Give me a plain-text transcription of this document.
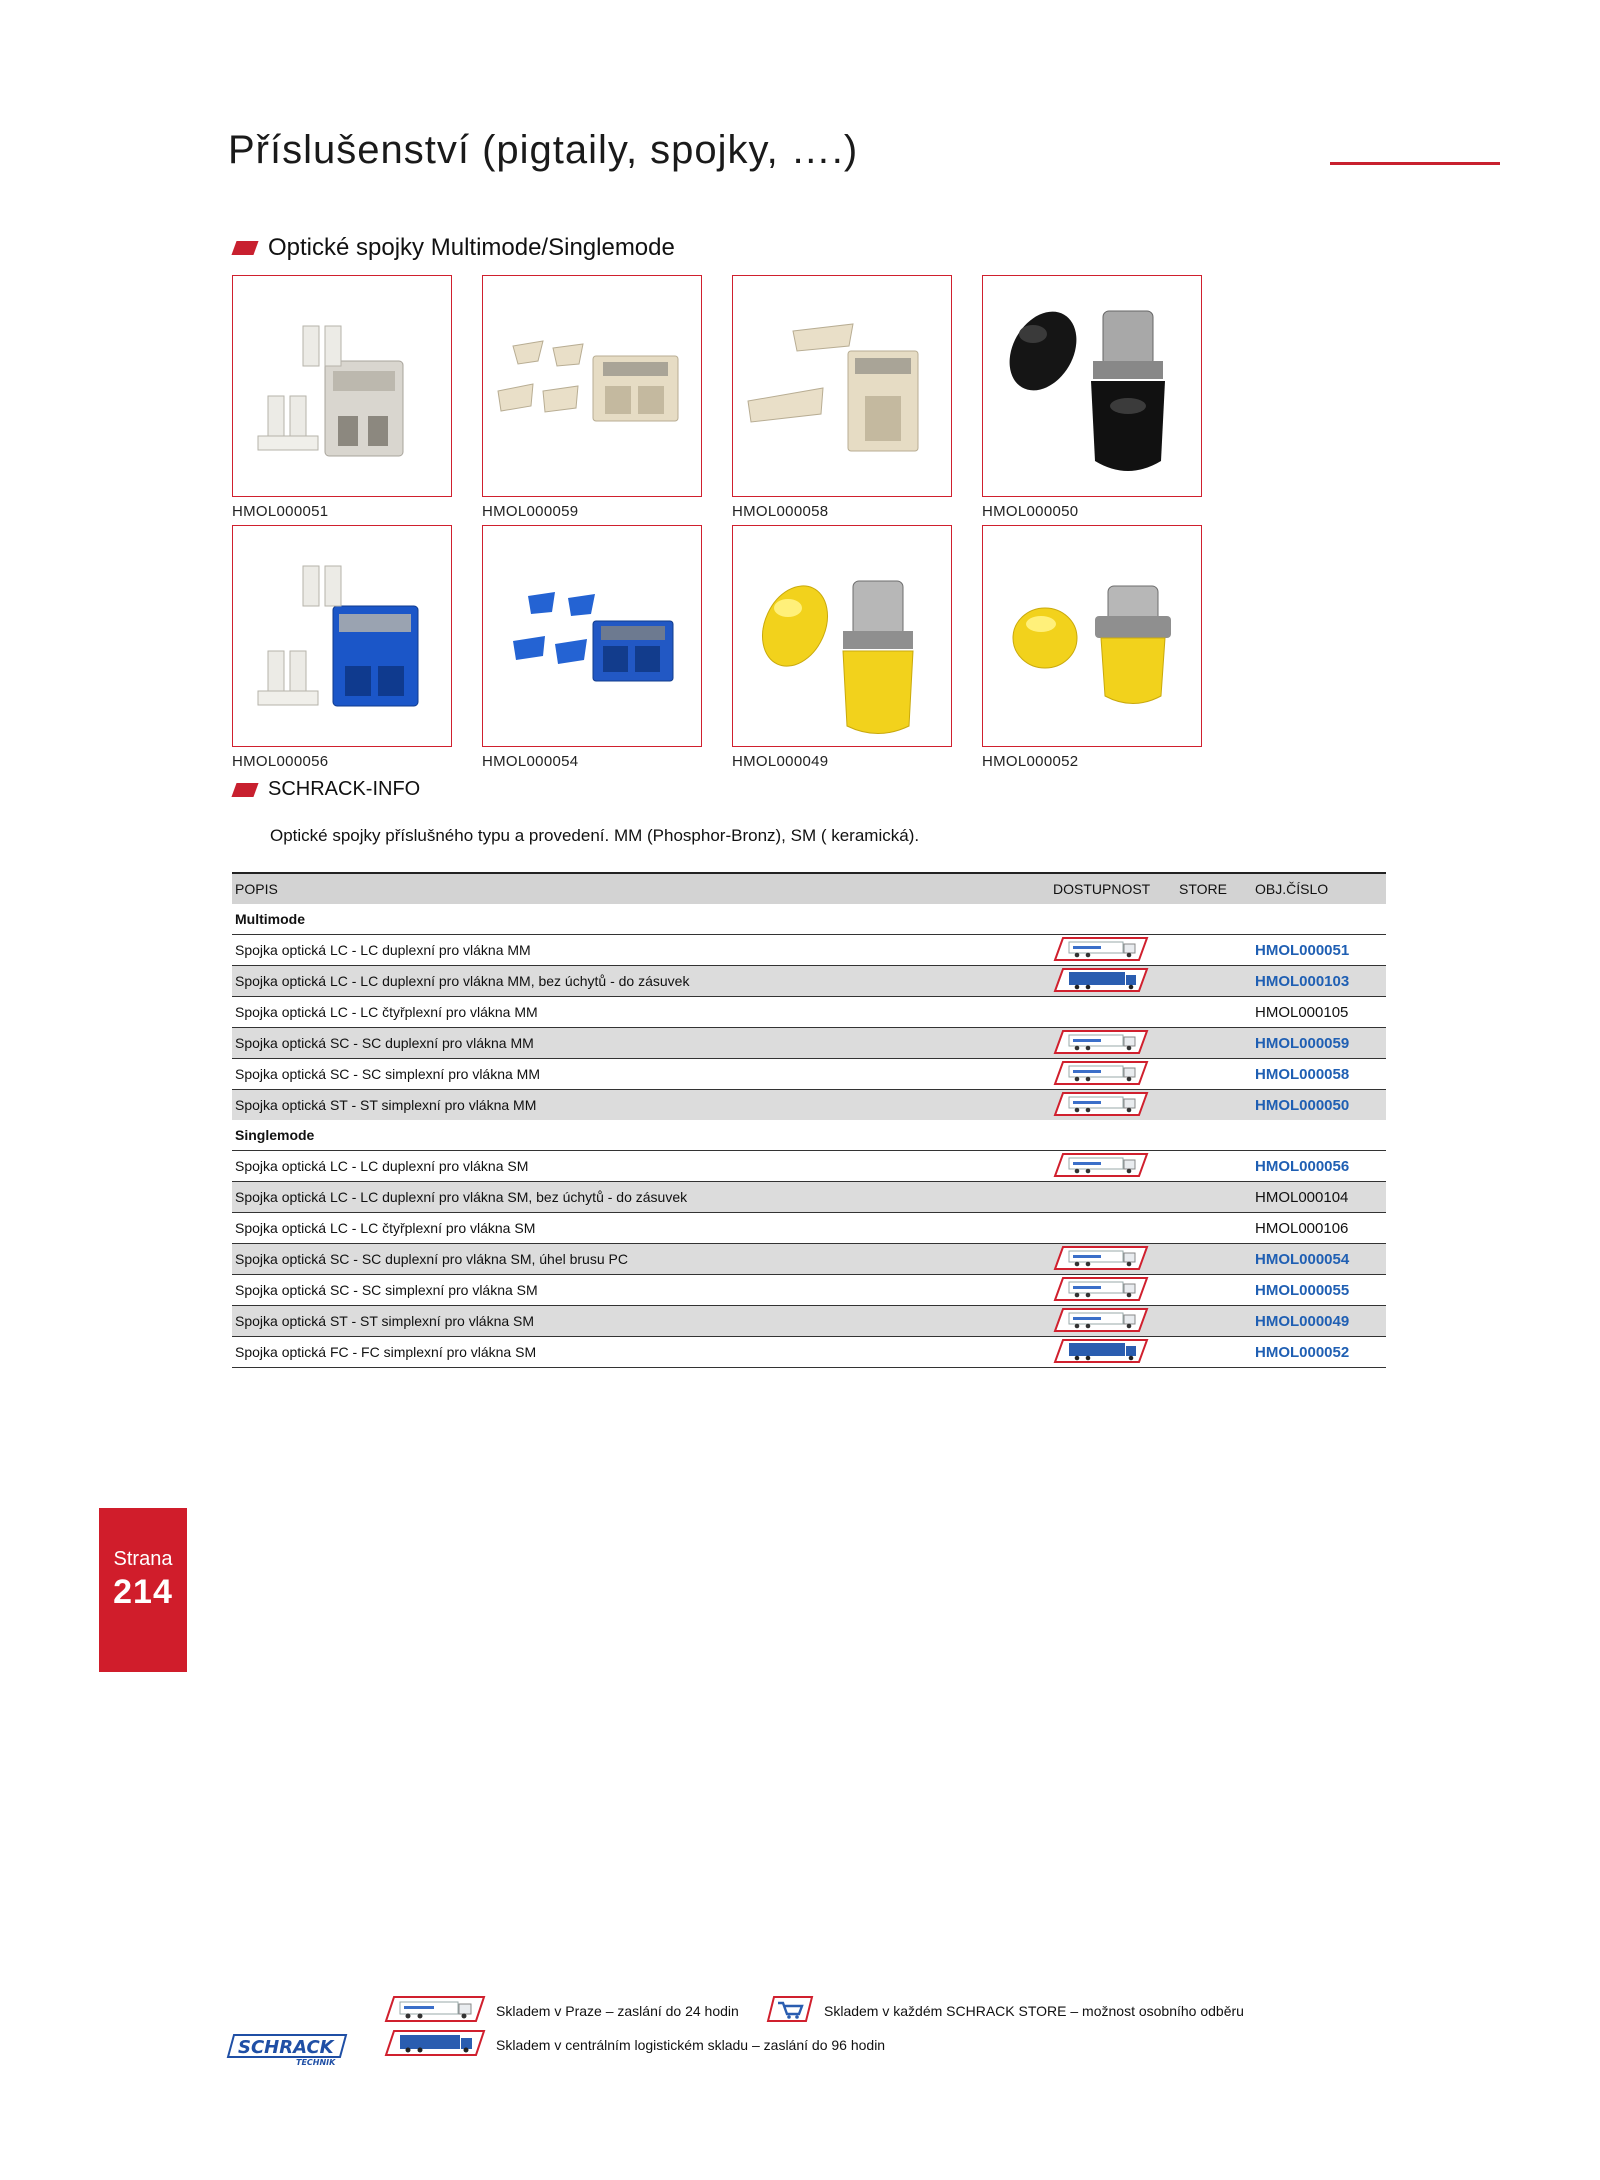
Příslušenství (pigtaily, spojky, ….)
Optické spojky Multimode/Singlemode
HMOL000051	HMOL000059	HMOL000058	HMOL000050
HMOL000056	HMOL000054	HMOL000049	HMOL000052
SCHRACK-INFO
Optické spojky příslušného typu a provedení. MM (Phosphor-Bronz), SM ( keramická).
POPIS	DOSTUPNOST	STORE	OBJ.ČÍSLO
Multimode			
Spojka optická LC - LC duplexní pro vlákna MM			HMOL000051
Spojka optická LC - LC duplexní pro vlákna MM, bez úchytů - do zásuvek			HMOL000103
Spojka optická LC - LC čtyřplexní pro vlákna MM			HMOL000105
Spojka optická SC - SC duplexní pro vlákna MM			HMOL000059
Spojka optická SC - SC simplexní pro vlákna MM			HMOL000058
Spojka optická ST - ST simplexní pro vlákna MM			HMOL000050
Singlemode			
Spojka optická LC - LC duplexní pro vlákna SM			HMOL000056
Spojka optická LC - LC duplexní pro vlákna SM, bez úchytů - do zásuvek			HMOL000104
Spojka optická LC - LC čtyřplexní pro vlákna SM			HMOL000106
Spojka optická SC - SC duplexní pro vlákna SM, úhel brusu PC			HMOL000054
Spojka optická SC - SC simplexní pro vlákna SM			HMOL000055
Spojka optická ST - ST simplexní pro vlákna SM			HMOL000049
Spojka optická FC - FC simplexní pro vlákna SM			HMOL000052
Strana
214
Skladem v Praze – zaslání do 24 hodin	Skladem v každém SCHRACK STORE – možnost osobního odběru
Skladem v centrálním logistickém skladu – zaslání do 96 hodin
SCHRACK
TECHNIK
